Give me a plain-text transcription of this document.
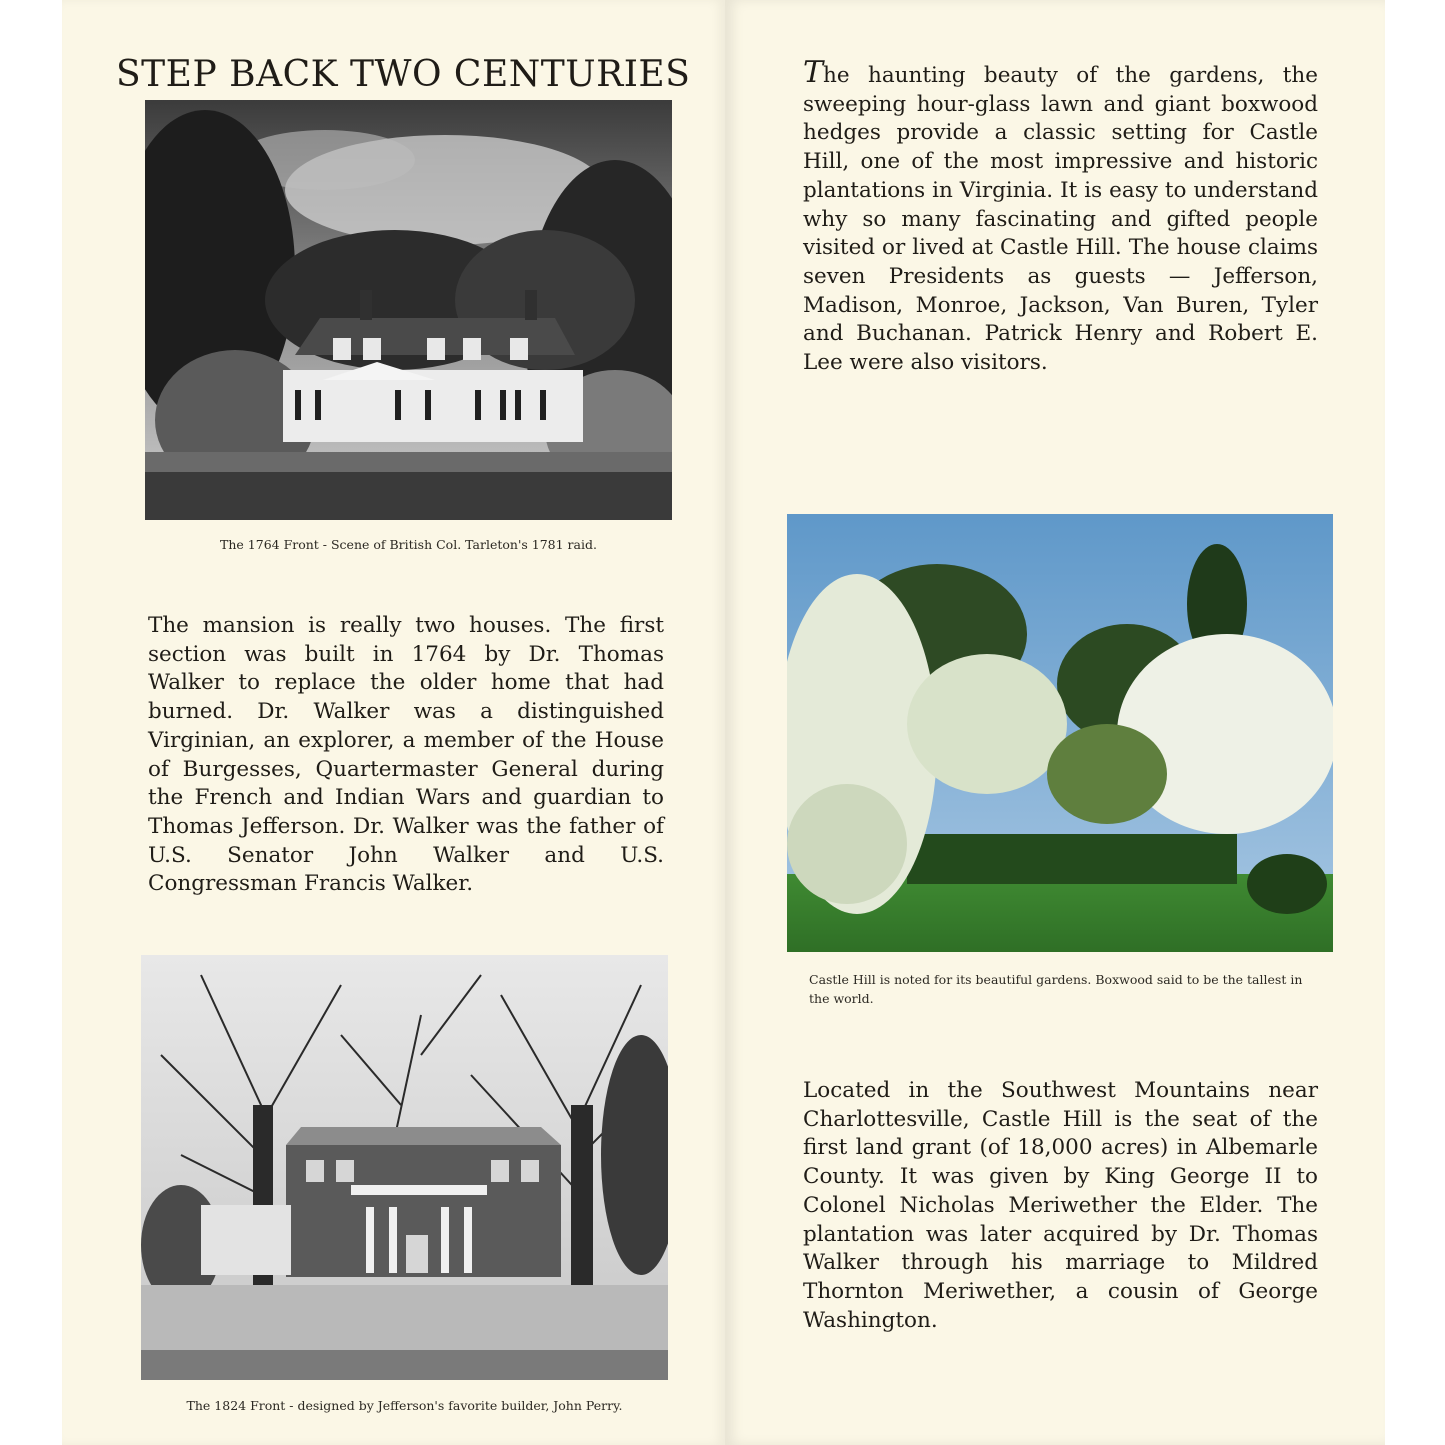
STEP BACK TWO CENTURIES
The 1764 Front - Scene of British Col. Tarleton's 1781 raid.
The mansion is really two houses. The first section was built in 1764 by Dr. Thomas Walker to replace the older home that had burned. Dr. Walker was a distinguished Virginian, an explorer, a member of the House of Burgesses, Quartermaster General during the French and Indian Wars and guardian to Thomas Jefferson. Dr. Walker was the father of U.S. Senator John Walker and U.S. Congressman Francis Walker.
The 1824 Front - designed by Jefferson's favorite builder, John Perry.
The haunting beauty of the gardens, the sweeping hour-glass lawn and giant boxwood hedges provide a classic setting for Castle Hill, one of the most impressive and historic plantations in Virginia. It is easy to understand why so many fascinating and gifted people visited or lived at Castle Hill. The house claims seven Presidents as guests — Jefferson, Madison, Monroe, Jackson, Van Buren, Tyler and Buchanan. Patrick Henry and Robert E. Lee were also visitors.
Castle Hill is noted for its beautiful gardens. Boxwood said to be the tallest in the world.
Located in the Southwest Mountains near Charlottesville, Castle Hill is the seat of the first land grant (of 18,000 acres) in Albemarle County. It was given by King George II to Colonel Nicholas Meriwether the Elder. The plantation was later acquired by Dr. Thomas Walker through his marriage to Mildred Thornton Meriwether, a cousin of George Washington.
